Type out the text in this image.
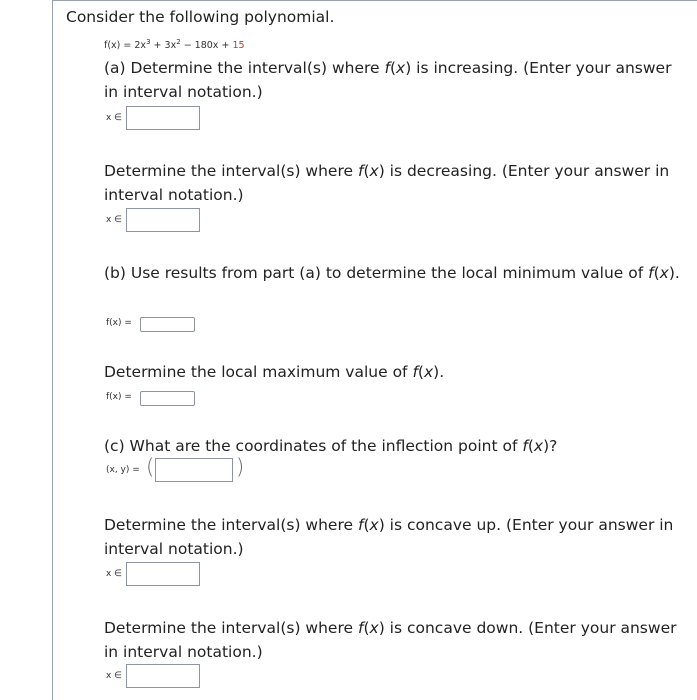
Consider the following polynomial.
$f(x) = 2x^3 + 3x^2 - 180x + 15$
(a) Determine the interval(s) where f(x) is increasing. (Enter your answer in interval notation.)
x ∈
Determine the interval(s) where f(x) is decreasing. (Enter your answer in interval notation.)
x ∈
(b) Use results from part (a) to determine the local minimum value of f(x).
f(x) =
Determine the local maximum value of f(x).
f(x) =
(c) What are the coordinates of the inflection point of f(x)?
(x, y) = (	)
Determine the interval(s) where f(x) is concave up. (Enter your answer in interval notation.)
x ∈
Determine the interval(s) where f(x) is concave down. (Enter your answer in interval notation.)
x ∈
